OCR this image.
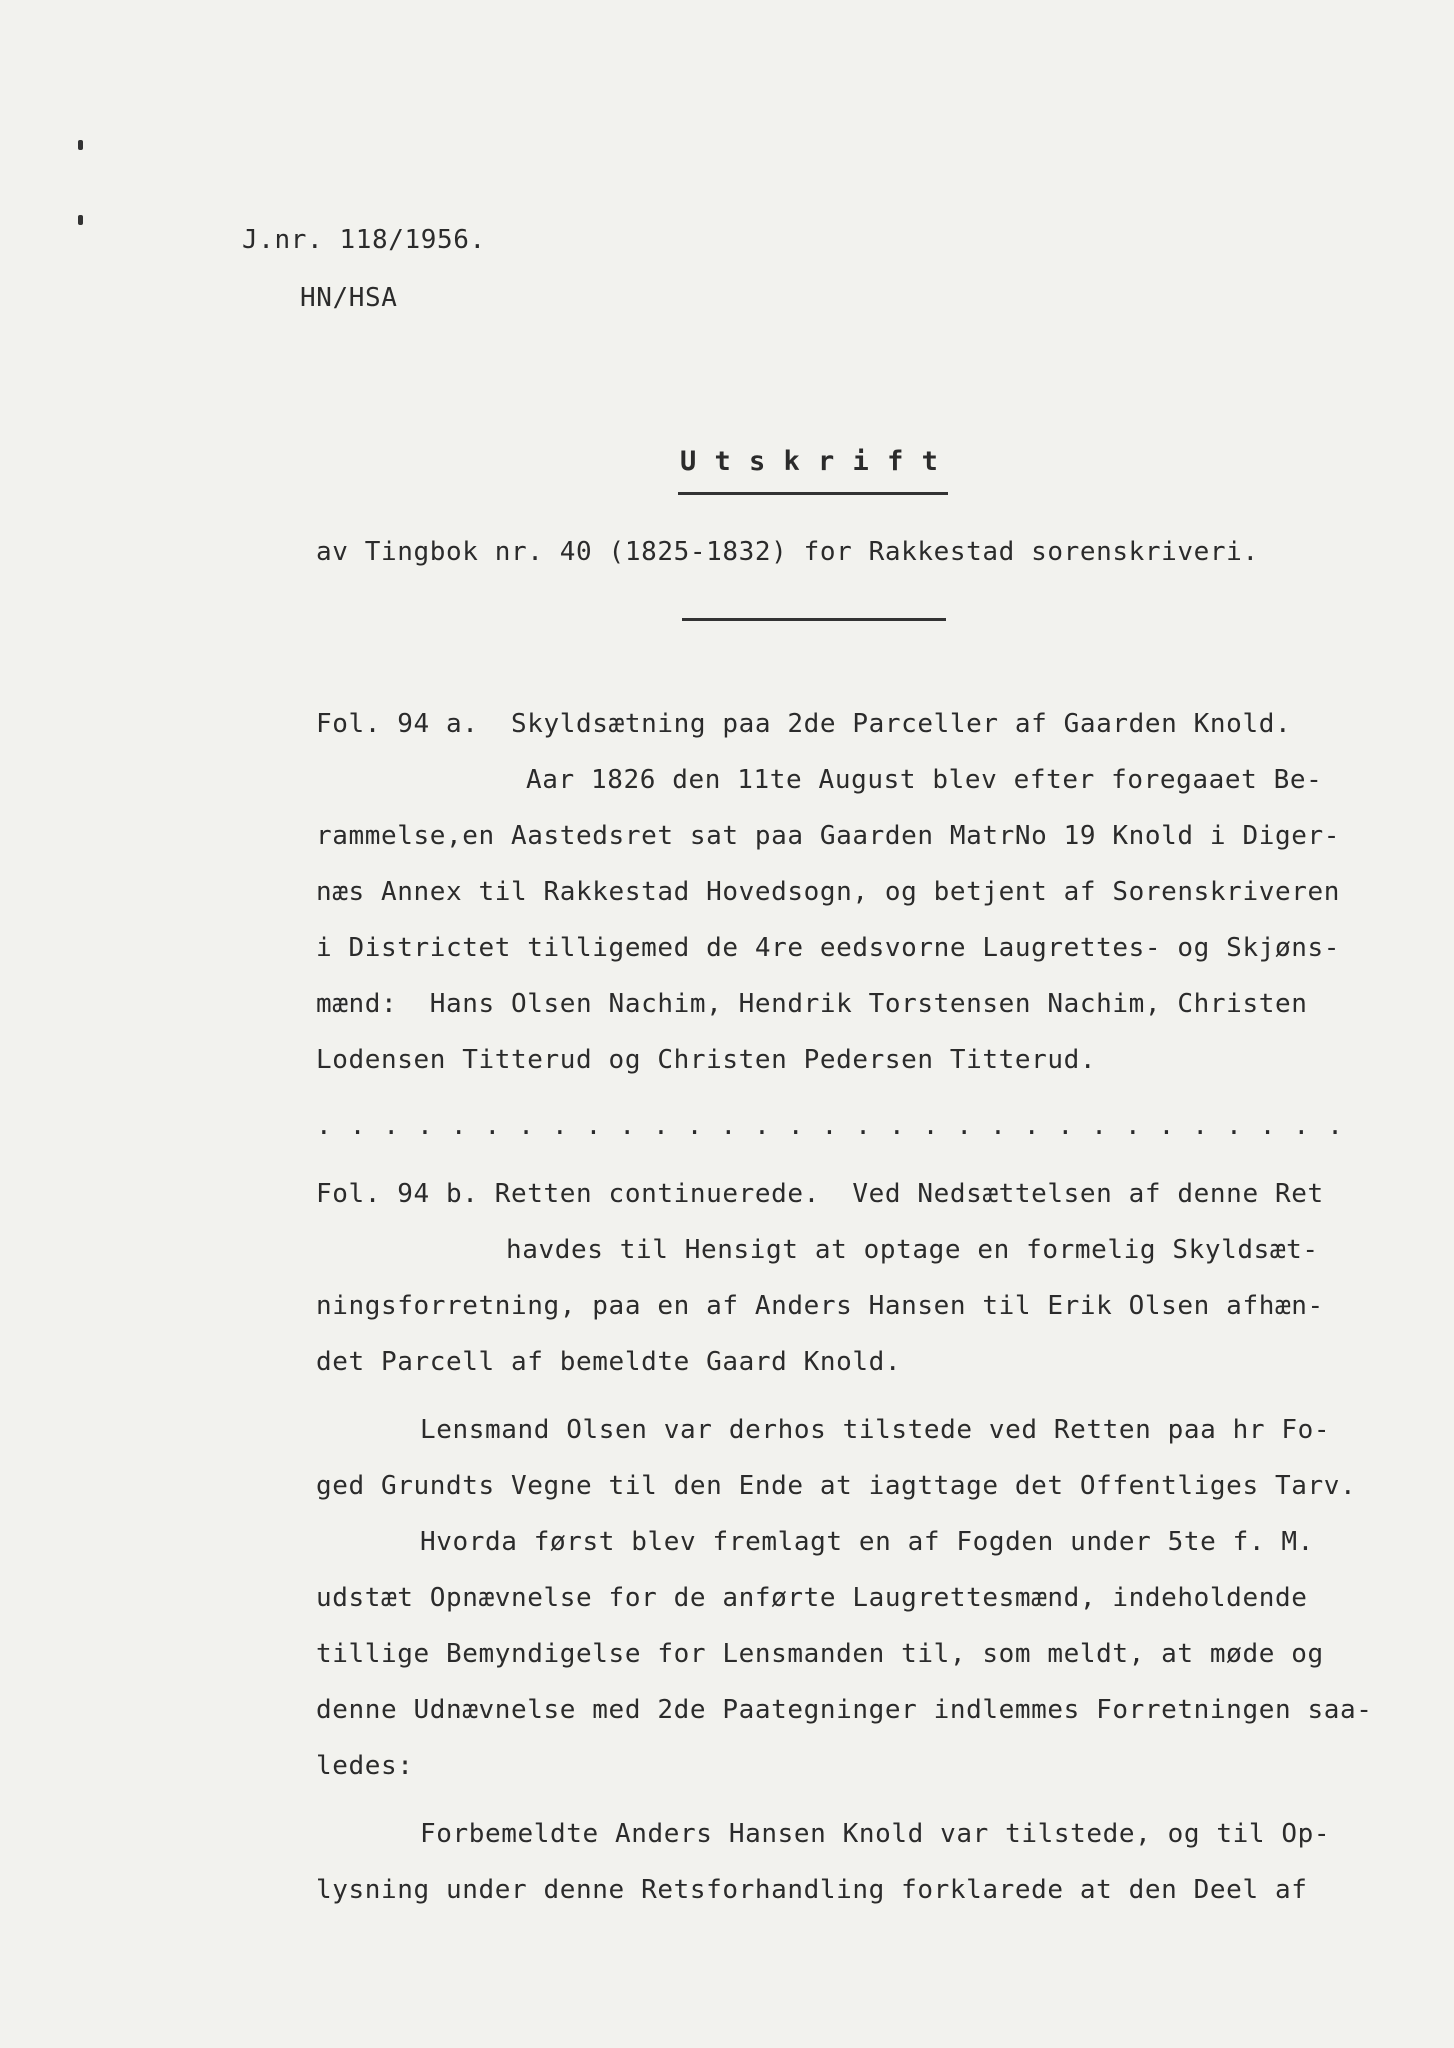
J.nr. 118/1956.
HN/HSA
U t s k r i f t
av Tingbok nr. 40 (1825-1832) for Rakkestad sorenskriveri.
Fol. 94 a.  Skyldsætning paa 2de Parceller af Gaarden Knold.
Aar 1826 den 11te August blev efter foregaaet Be-
rammelse,en Aastedsret sat paa Gaarden MatrNo 19 Knold i Diger-
næs Annex til Rakkestad Hovedsogn, og betjent af Sorenskriveren
i Districtet tilligemed de 4re eedsvorne Laugrettes- og Skjøns-
mænd:  Hans Olsen Nachim, Hendrik Torstensen Nachim, Christen
Lodensen Titterud og Christen Pedersen Titterud.
. . . . . . . . . . . . . . . . . . . . . . . . . . . . . . .
Fol. 94 b. Retten continuerede.  Ved Nedsættelsen af denne Ret
havdes til Hensigt at optage en formelig Skyldsæt-
ningsforretning, paa en af Anders Hansen til Erik Olsen afhæn-
det Parcell af bemeldte Gaard Knold.
Lensmand Olsen var derhos tilstede ved Retten paa hr Fo-
ged Grundts Vegne til den Ende at iagttage det Offentliges Tarv.
Hvorda først blev fremlagt en af Fogden under 5te f. M.
udstæt Opnævnelse for de anførte Laugrettesmænd, indeholdende
tillige Bemyndigelse for Lensmanden til, som meldt, at møde og
denne Udnævnelse med 2de Paategninger indlemmes Forretningen saa-
ledes:
Forbemeldte Anders Hansen Knold var tilstede, og til Op-
lysning under denne Retsforhandling forklarede at den Deel af
